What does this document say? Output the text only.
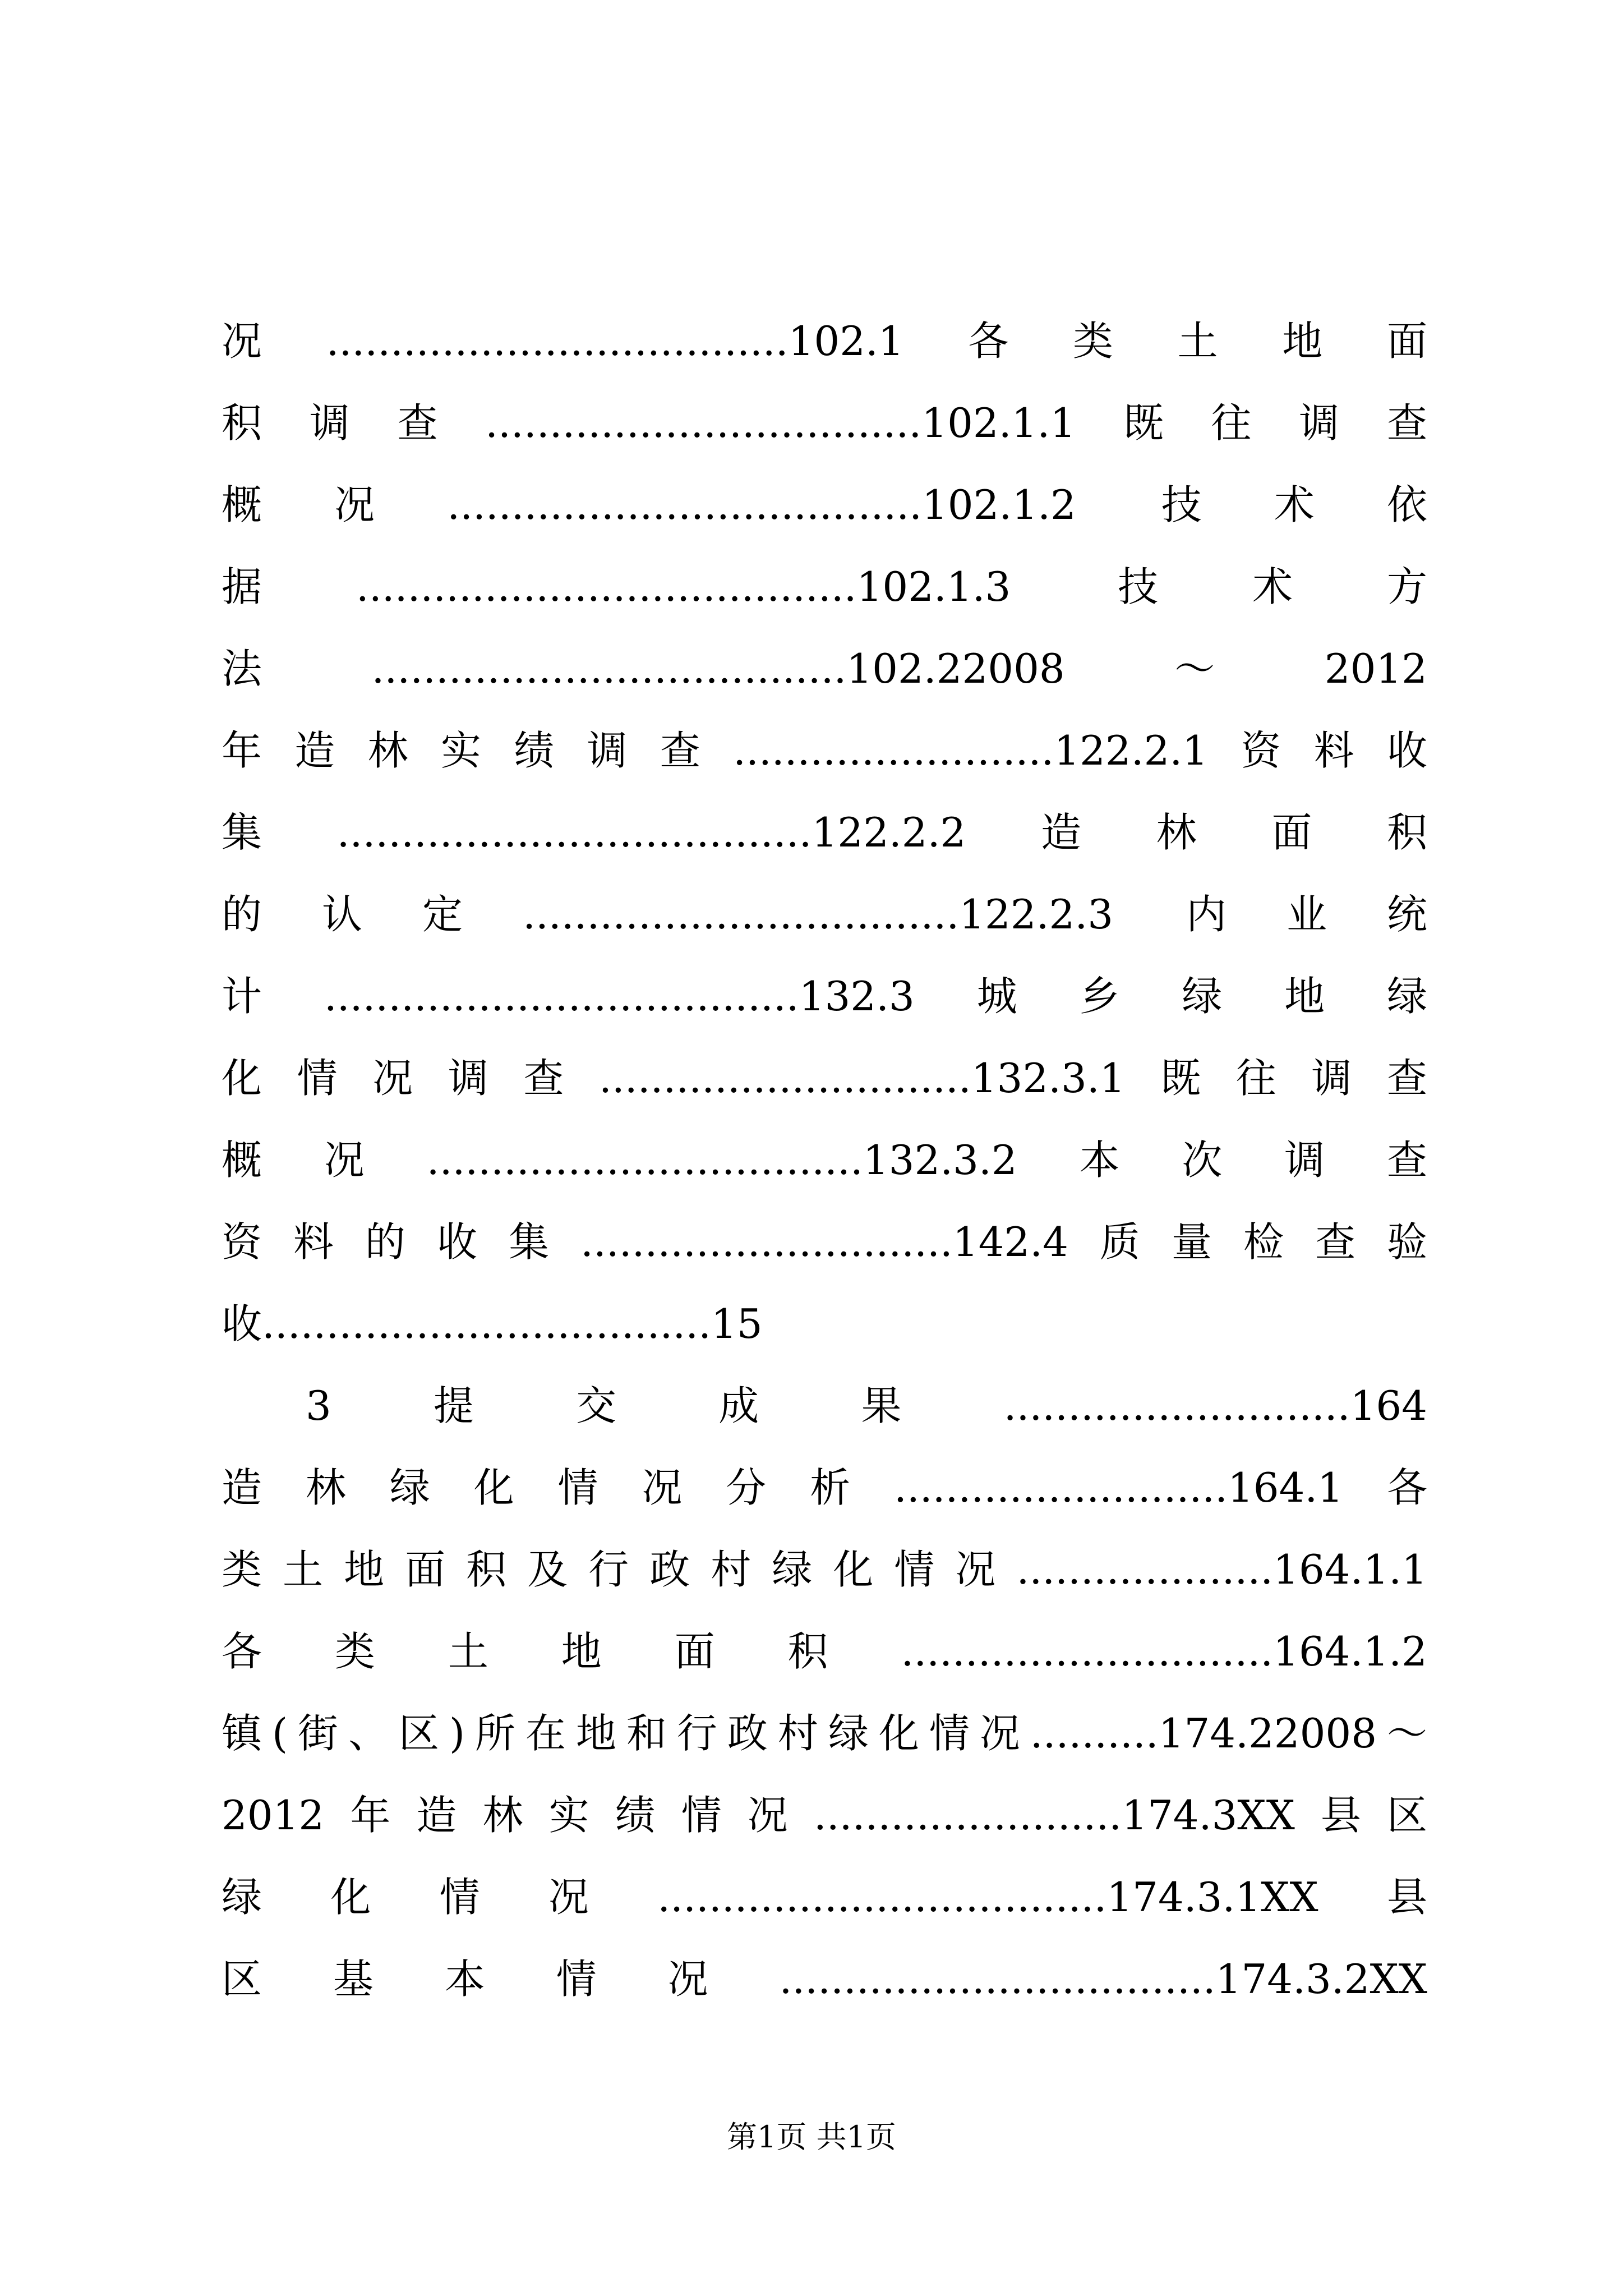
况....................................102.1各类土地面
积调查..................................102.1.1既往调查
概况.....................................102.1.2 技术依
据.......................................102.1.3 技术方
法.....................................102.22008～2012
年造林实绩调查.........................122.2.1资料收
集.....................................122.2.2造林面积
的认定..................................122.2.3 内业统
计.....................................132.3城乡绿地绿
化情况调查.............................132.3.1既往调查
概况..................................132.3.2本次调查
资料的收集.............................142.4质量检查验
收...................................15
3提交成果...........................164
造林绿化情况分析..........................164.1各
类土地面积及行政村绿化情况....................164.1.1
各类土地面积.............................164.1.2
镇(街、区)所在地和行政村绿化情况..........174.22008～
2012年造林实绩情况........................174.3XX县区
绿化情况...................................174.3.1XX县
区基本情况..................................174.3.2XX
第1页 共1页
